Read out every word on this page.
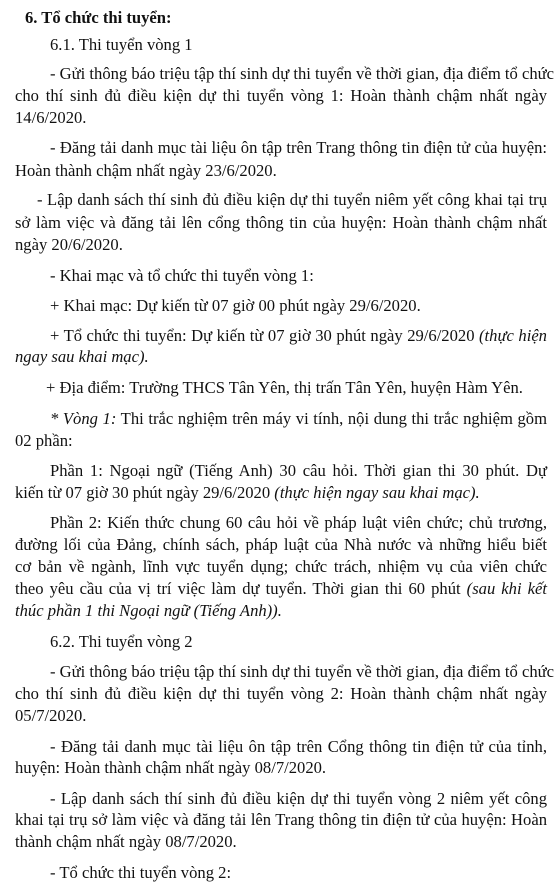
6. Tổ chức thi tuyển:
6.1. Thi tuyển vòng 1
- Gửi thông báo triệu tập thí sinh dự thi tuyển về thời gian, địa điểm tổ chức
cho thí sinh đủ điều kiện dự thi tuyển vòng 1: Hoàn thành chậm nhất ngày
14/6/2020.
- Đăng tải danh mục tài liệu ôn tập trên Trang thông tin điện tử của huyện:
Hoàn thành chậm nhất ngày 23/6/2020.
- Lập danh sách thí sinh đủ điều kiện dự thi tuyển niêm yết công khai tại trụ
sở làm việc và đăng tải lên cổng thông tin của huyện: Hoàn thành chậm nhất
ngày 20/6/2020.
- Khai mạc và tổ chức thi tuyển vòng 1:
+ Khai mạc: Dự kiến từ 07 giờ 00 phút ngày 29/6/2020.
+ Tổ chức thi tuyển: Dự kiến từ 07 giờ 30 phút ngày 29/6/2020 (thực hiện
ngay sau khai mạc).
+ Địa điểm: Trường THCS Tân Yên, thị trấn Tân Yên, huyện Hàm Yên.
* Vòng 1: Thi trắc nghiệm trên máy vi tính, nội dung thi trắc nghiệm gồm
02 phần:
Phần 1: Ngoại ngữ (Tiếng Anh) 30 câu hỏi. Thời gian thi 30 phút. Dự
kiến từ 07 giờ 30 phút ngày 29/6/2020 (thực hiện ngay sau khai mạc).
Phần 2: Kiến thức chung 60 câu hỏi về pháp luật viên chức; chủ trương,
đường lối của Đảng, chính sách, pháp luật của Nhà nước và những hiểu biết
cơ bản về ngành, lĩnh vực tuyển dụng; chức trách, nhiệm vụ của viên chức
theo yêu cầu của vị trí việc làm dự tuyển. Thời gian thi 60 phút (sau khi kết
thúc phần 1 thi Ngoại ngữ (Tiếng Anh)).
6.2. Thi tuyển vòng 2
- Gửi thông báo triệu tập thí sinh dự thi tuyển về thời gian, địa điểm tổ chức
cho thí sinh đủ điều kiện dự thi tuyển vòng 2: Hoàn thành chậm nhất ngày
05/7/2020.
- Đăng tải danh mục tài liệu ôn tập trên Cổng thông tin điện tử của tỉnh,
huyện: Hoàn thành chậm nhất ngày 08/7/2020.
- Lập danh sách thí sinh đủ điều kiện dự thi tuyển vòng 2 niêm yết công
khai tại trụ sở làm việc và đăng tải lên Trang thông tin điện tử của huyện: Hoàn
thành chậm nhất ngày 08/7/2020.
- Tổ chức thi tuyển vòng 2:
